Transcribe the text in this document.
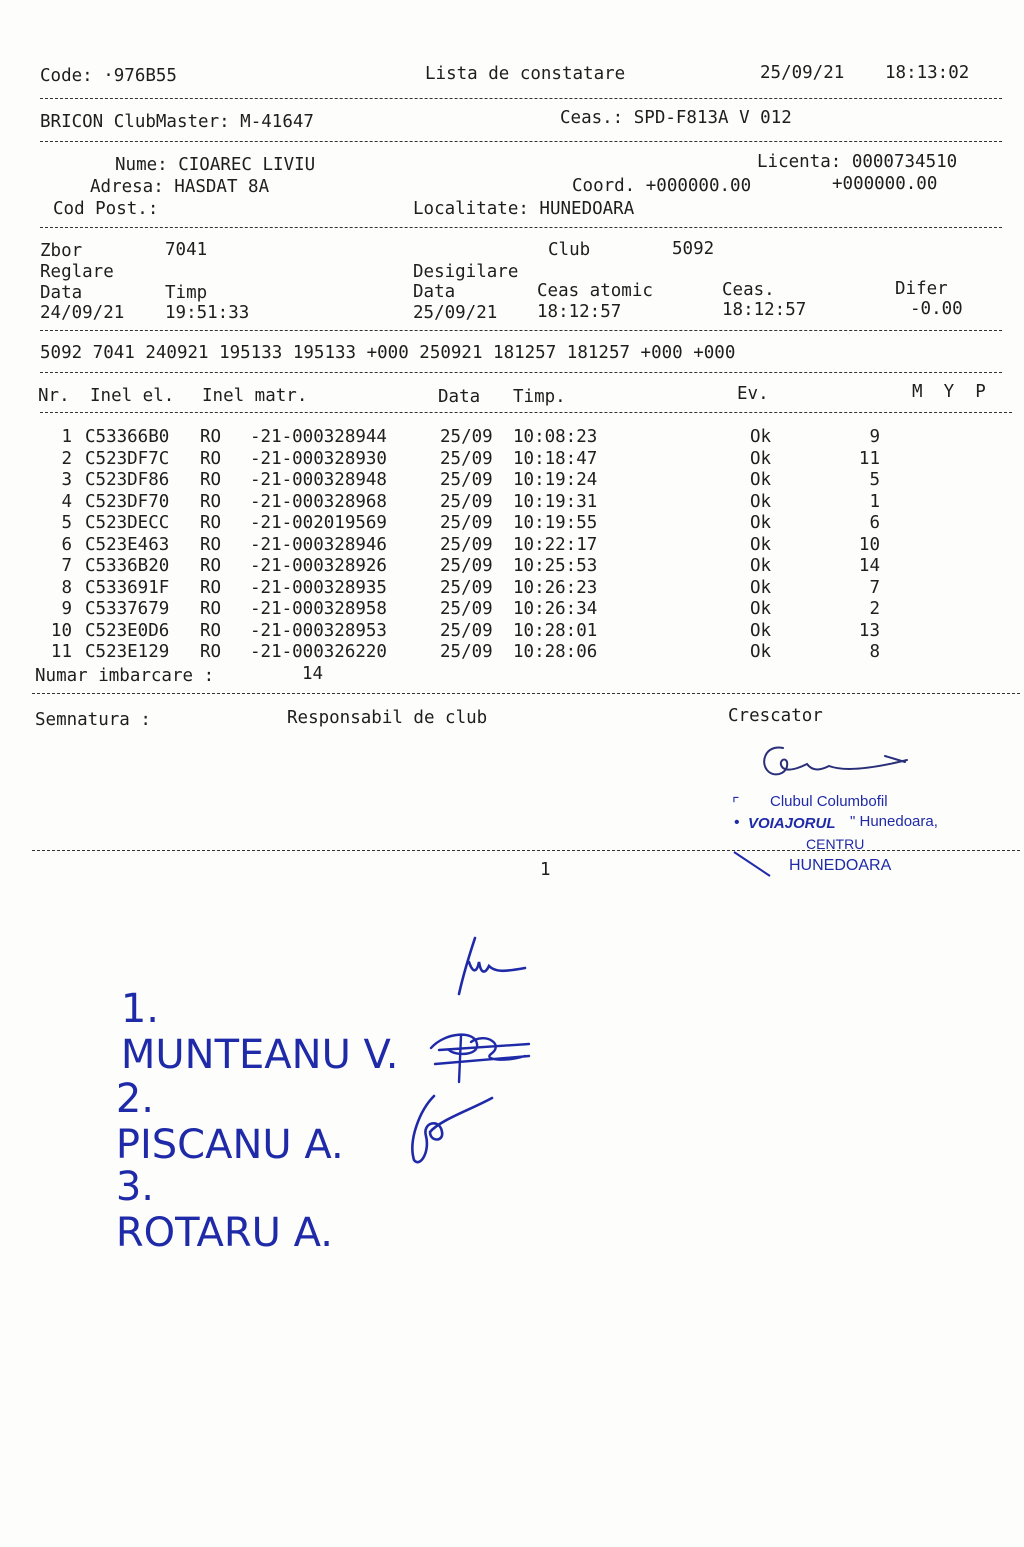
Code: ·976B55	Lista de constatare	25/09/21 18:13:02
BRICON ClubMaster: M-41647	Ceas.: SPD-F813A V 012
Nume: CIOAREC LIVIU	Licenta: 0000734510
Adresa: HASDAT 8A	Coord. +000000.00	+000000.00
Cod Post.:	Localitate: HUNEDOARA
Zbor	7041	Club	5092
Reglare	Desigilare
Data	Timp	Data	Ceas atomic	Ceas.	Difer
24/09/21 19:51:33	25/09/21 18:12:57	18:12:57	-0.00
5092 7041 240921 195133 195133 +000 250921 181257 181257 +000 +000
Nr. Inel el. Inel matr.	Data Timp.	Ev.	M  Y  P
1 C53366B0	RO	-21-000328944	25/09	10:08:23	Ok	9
2 C523DF7C	RO	-21-000328930	25/09	10:18:47	Ok	11
3 C523DF86	RO	-21-000328948	25/09	10:19:24	Ok	5
4 C523DF70	RO	-21-000328968	25/09	10:19:31	Ok	1
5 C523DECC	RO	-21-002019569	25/09	10:19:55	Ok	6
6 C523E463	RO	-21-000328946	25/09	10:22:17	Ok	10
7 C5336B20	RO	-21-000328926	25/09	10:25:53	Ok	14
8 C533691F	RO	-21-000328935	25/09	10:26:23	Ok	7
9 C5337679	RO	-21-000328958	25/09	10:26:34	Ok	2
10 C523E0D6	RO	-21-000328953	25/09	10:28:01	Ok	13
11 C523E129	RO	-21-000326220	25/09	10:28:06	Ok	8
Numar imbarcare :	14
Semnatura :	Responsabil de club	Crescator
⌜ Clubul Columbofil
• VOIAJORUL " Hunedoara,
CENTRU
HUNEDOARA
1

1.
MUNTEANU V.

2.
PISCANU A.

3.
ROTARU A.
